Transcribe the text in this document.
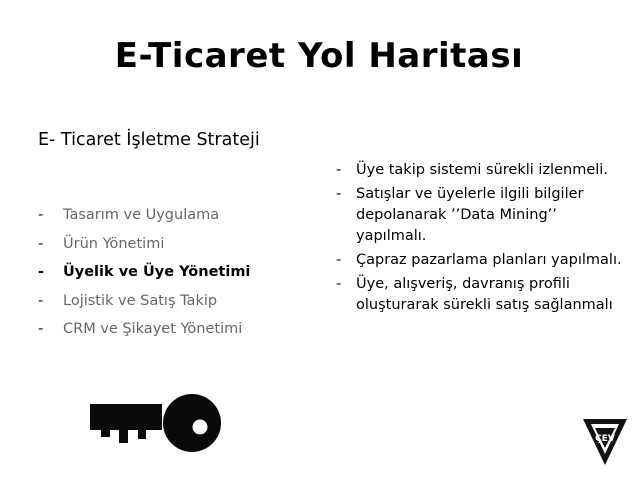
E-Ticaret Yol Haritası
E- Ticaret İşletme Strateji
- Tasarım ve Uygulama
- Ürün Yönetimi
- Üyelik ve Üye Yönetimi
- Lojistik ve Satış Takip
- CRM ve Şikayet Yönetimi
- Üye takip sistemi sürekli izlenmeli.
- Satışlar ve üyelerle ilgili bilgiler depolanarak ’’Data Mining’’ yapılmalı.
- Çapraz pazarlama planları yapılmalı.
- Üye, alışveriş, davranış profili oluşturarak sürekli satış sağlanmalı
ÇEV
